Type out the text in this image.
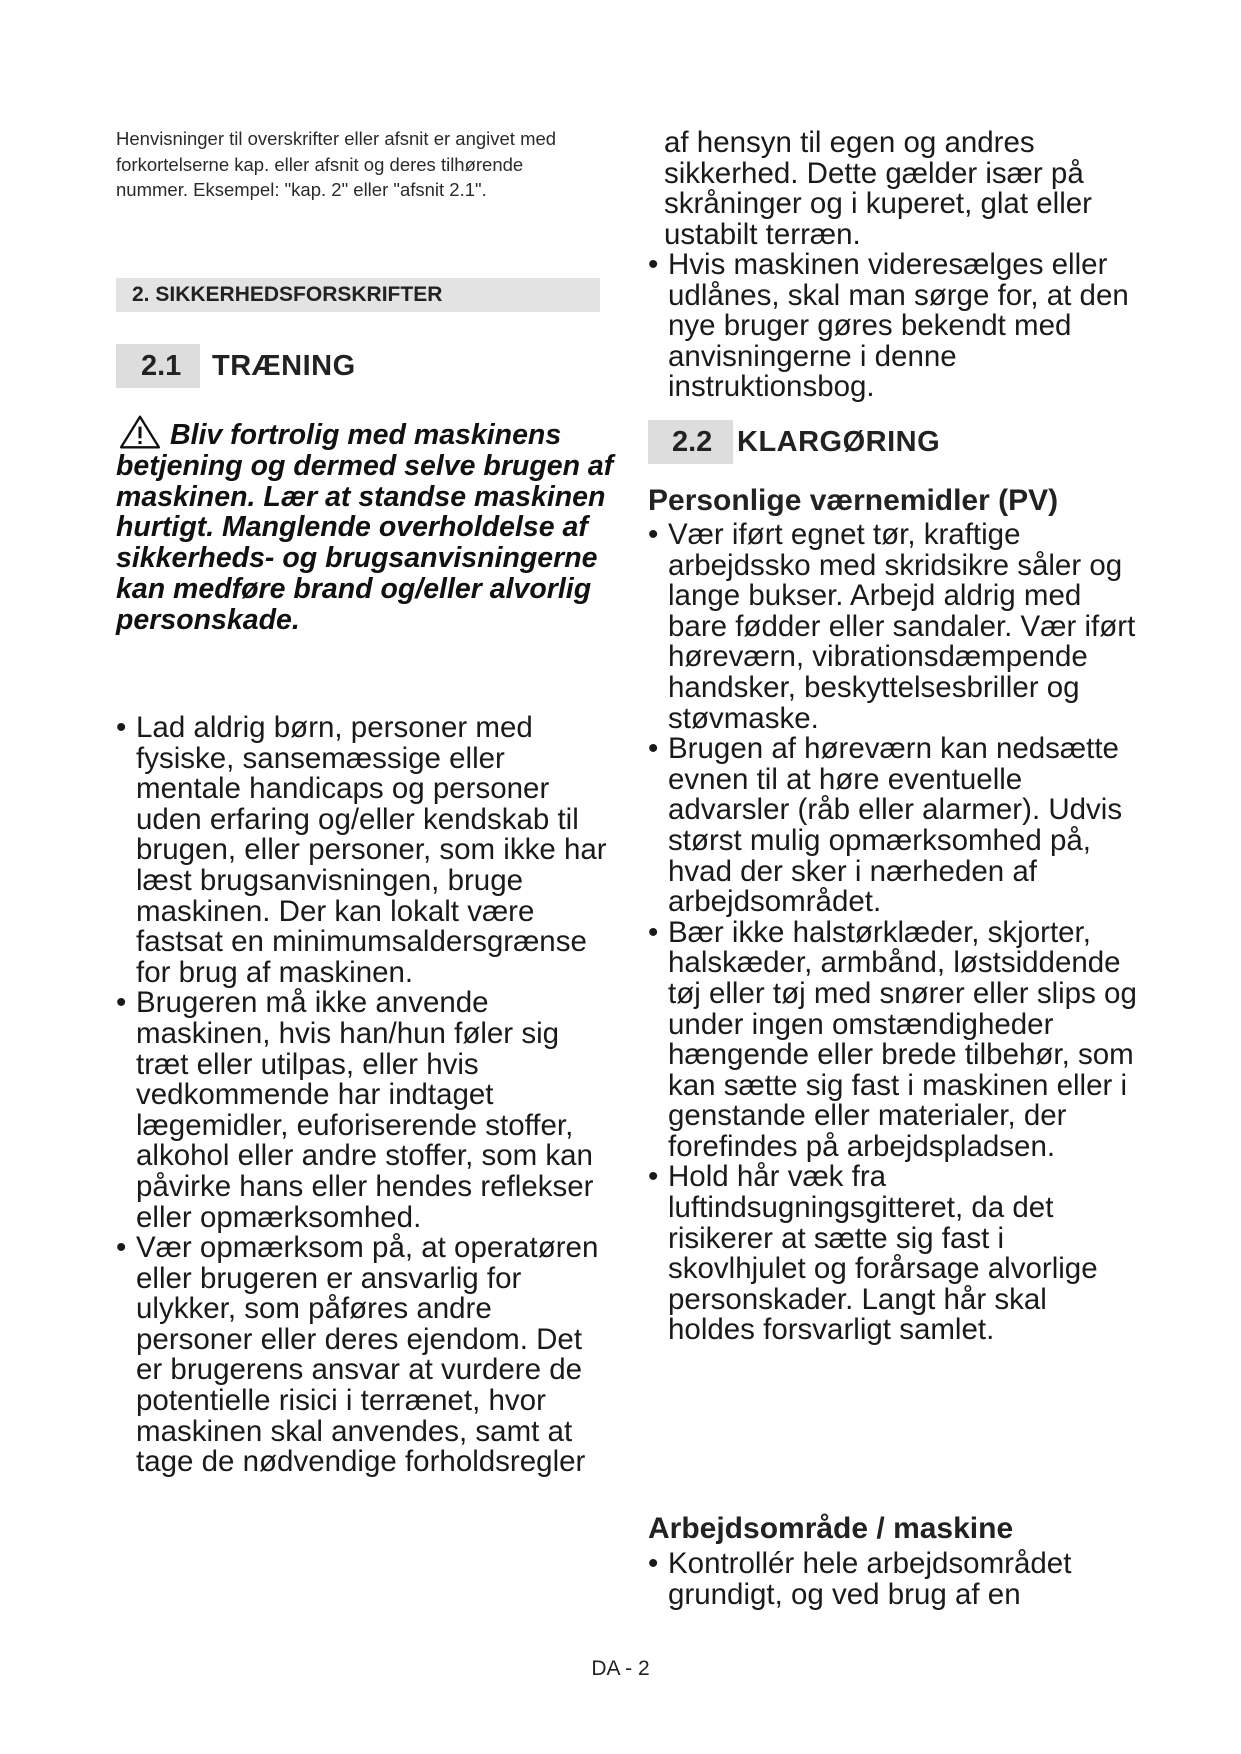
Henvisninger til overskrifter eller afsnit er angivet med forkortelserne kap. eller afsnit og deres tilhørende nummer. Eksempel: "kap. 2" eller "afsnit 2.1".
2. SIKKERHEDSFORSKRIFTER
2.1	TRÆNING
Bliv fortrolig med maskinens betjening og dermed selve brugen af maskinen. Lær at standse maskinen hurtigt. Manglende overholdelse af sikkerheds- og brugsanvisningerne kan medføre brand og/eller alvorlig personskade.
• Lad aldrig børn, personer med fysiske, sansemæssige eller mentale handicaps og personer uden erfaring og/eller kendskab til brugen, eller personer, som ikke har læst brugsanvisningen, bruge maskinen. Der kan lokalt være fastsat en minimumsaldersgrænse for brug af maskinen.
• Brugeren må ikke anvende maskinen, hvis han/hun føler sig træt eller utilpas, eller hvis vedkommende har indtaget lægemidler, euforiserende stoffer, alkohol eller andre stoffer, som kan påvirke hans eller hendes reflekser eller opmærksomhed.
• Vær opmærksom på, at operatøren eller brugeren er ansvarlig for ulykker, som påføres andre personer eller deres ejendom. Det er brugerens ansvar at vurdere de potentielle risici i terrænet, hvor maskinen skal anvendes, samt at tage de nødvendige forholdsregler
af hensyn til egen og andres sikkerhed. Dette gælder især på skråninger og i kuperet, glat eller ustabilt terræn.
• Hvis maskinen videresælges eller udlånes, skal man sørge for, at den nye bruger gøres bekendt med anvisningerne i denne instruktionsbog.
2.2 KLARGØRING
Personlige værnemidler (PV)
• Vær iført egnet tør, kraftige arbejdssko med skridsikre såler og lange bukser. Arbejd aldrig med bare fødder eller sandaler. Vær iført høreværn, vibrationsdæmpende handsker, beskyttelsesbriller og støvmaske.
• Brugen af høreværn kan nedsætte evnen til at høre eventuelle advarsler (råb eller alarmer). Udvis størst mulig opmærksomhed på, hvad der sker i nærheden af arbejdsområdet.
• Bær ikke halstørklæder, skjorter, halskæder, armbånd, løstsiddende tøj eller tøj med snører eller slips og under ingen omstændigheder hængende eller brede tilbehør, som kan sætte sig fast i maskinen eller i genstande eller materialer, der forefindes på arbejdspladsen.
• Hold hår væk fra luftindsugningsgitteret, da det risikerer at sætte sig fast i skovlhjulet og forårsage alvorlige personskader. Langt hår skal holdes forsvarligt samlet.
Arbejdsområde / maskine
• Kontrollér hele arbejdsområdet grundigt, og ved brug af en
DA - 2
